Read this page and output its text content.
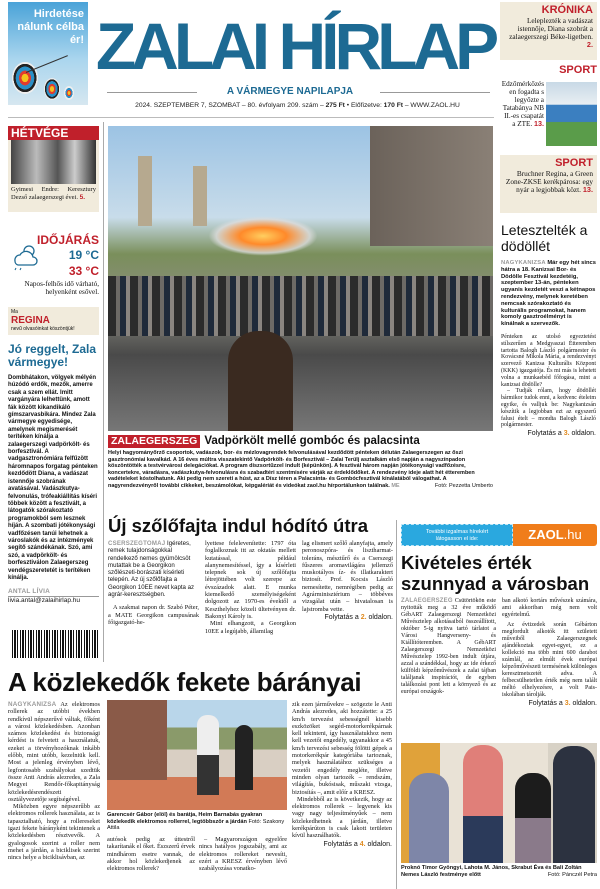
Hirdetése nálunk célba ér! ZALAI HÍRLAP
A VÁRMEGYE NAPILAPJA
2024. SZEPTEMBER 7, SZOMBAT – 80. évfolyam 209. szám – 275 Ft • Előfizetve: 170 Ft – WWW.ZAOL.HU
KRÓNIKA
Leleplezték a vadászat istennője, Diana szobrát a zalaegerszegi Béke-ligetben. 2.
SPORT
Edzőmérkőzésen fogadta s legyőzte a Tatabánya NB II.-es csapatát a ZTE. 13.
SPORT
Bruchner Regina, a Green Zone-ZKSE kerékpárosa: egy nyár a legjobbak közt. 13.
Letesztelték a dödöllét
NAGYKANIZSA Már egy hét sincs hátra a 18. Kanizsai Bor- és Dödölle Fesztivál kezdetéig, szeptember 13-án, pénteken ugyanis kezdetét veszi a kétnapos rendezvény, melynek keretében nemcsak szórakoztató és kulturális programokat, hanem komoly gasztroélményt is kínálnak a szervezők.
Pénteken az utolsó egyeztetést stílszerűen a Medgyaszai Étteremben tartotta Balogh László polgármester és Kovácsné Mikola Mária, a rendezvényt szervező Kanizsa Kulturális Központ (KKK) igazgatója. És mi más is lehetett volna a munkaebéd főfogása, mint a kanizsai dödölle?
– Tudják rólam, hogy dödöllét bármikor tudok enni, a kedvenc ételeim egyike, és valljuk be: Nagykanizsán készítik a legjobban ezt az egyszerű falusi ételt – mondta Balogh László polgármester.
Folytatás a 3. oldalon.
HÉTVÉGE
Gyimesi Endre: Keresztury Dezső zalaegerszegi évei. 5.
IDŐJÁRÁS
19 °C
33 °C
Napos-felhős idő várható, helyenként esővel.
Ma
REGINA
nevű olvasóinkat köszöntjük!
Jó reggelt, Zala vármegye!
Dombhátakon, völgyek mélyén húzódó erdők, mezők, amerre csak a szem ellát. Imitt vargányára lelhettünk, amott fák között kikandikáló gímszarvasbikára. Mindez Zala vármegye egyedisége, amelynek megismerését terítéken kínálja a zalaegerszegi vadpörkölt- és borfesztivál. A vadgasztronómiára felfűzött háromnapos forgatag pénteken kezdődött Diana, a vadászat istennője szobrának avatásával. Vadászkutya-felvonulás, trófeakiállítás kíséri többek között a fesztivált, a látogatók szórakoztató programokból sem lesznek híján. A szombati jótékonysági vadfőzésen tanúi lehetnek a városlakók és az intézmények segítő szándékának. Szó, ami szó, a vadpörkölt- és borfesztiválon Zalaegerszeg vendégszeretetét is terítéken kínálja.
ANTAL LÍVIA
livia.antal@zalaihirlap.hu
ZALAEGERSZEG Vadpörkölt mellé gombóc és palacsinta
Helyi hagyományőrző csoportok, vadászok, bor- és mézlovagrendek felvonulásával kezdődött pénteken délután Zalaegerszegen az őszi gasztronómiai kavalkád. A 16 éves múltra visszatekintő Vadpörkölt- és Borfesztivál – Zalai Terülj asztalkám első napján a nagyszínpadon köszöntötték a testvérvárosi delegációkat. A program díszsortűzzel indult (képünkön). A fesztivál három napján jótékonysági vadfőzésre, koncertekre, váradásra, vadászkutya-felvonulásra és szabadtéri szentmisére várják az érdeklődőket. A rendezvény ideje alatt hét étteremben vadételeket kóstolhatunk. Aki pedig nem szereti a húst, az a Dísz téren a Palacsinta- és Gombócfesztivál kínálatából válogathat. A nagyrendezvényről további cikkeket, beszámolókat, képgalériát és videókat zaol.hu hírportálunkon találnak. ME	Fotó: Pezzetta Umberto
Új szőlőfajta indul hódító útra
CSERSZEGTOMAJ Igéretes, remek tulajdonságokkal rendelkező nemes gyümölcsöt mutattak be a Georgikon szőlészeti-borászati kísérleti telepén. Az új szőlőfajta a Georgikon 10EE nevet kapta az agrár-keresztségben.
A szakmai napon dr. Szabó Péter, a MATE Georgikon campusának főigazgató-he-
lyettese felelevenítette: 1797 óta foglalkoznak itt az oktatás mellett kutatással, például alanynemesítéssel, így a kísérleti telepnek sok új szőlőfajta létrejöttében volt szerepe az évszázadok alatt. E munka kiemelkedő személyiségeként dolgozott az 1970-es évektől a Keszthelyhez közeli ültetvényen dr. Bakonyi Károly is.

Mint elhangzott, a Georgikon 10EE a legújabb, államilag
lag elismert szőlő alanyfajta, amely peronoszpóra- és lisztharmat-toleráns, mésztűrő és a Cserszegi fűszeres aromavilágára jellemző muskotályos íz- és illatkaraktert biztosít. Prof. Kocsis László nemesítette, nemrégiben pedig az Agrárminisztérium – többéves vizsgálat után – hivatalosan is lajstromba vette.
Folytatás a 2. oldalon.
További izgalmas hírekért látogasson el ide:	ZAOL.hu
Kivételes érték szunnyad a városban
ZALAEGERSZEG Csütörtökön este nyitották meg a 32 éve működő GébART Zalaegerszegi Nemzetközi Művésztelep alkotásaiból összeállított, október 5-ig nyitva tartó tárlatot a Városi Hangverseny- és Kiállítóteremben. A GébART Zalaegerszegi Nemzetközi Művésztelep 1992-ben indult útjára, azzal a szándékkal, hogy az ide érkező külföldi képzőművészek a zalai tájban találjanak inspirációt, de egyben találkozási pont lett a környező és az európai országok-
ban alkotó kortárs művészek számára, ami akkoriban még nem volt egyértelmű.
Az évtizedek során Gébárton megfordult alkotók itt született műveiből Zalaegerszegnek ajándékoztak egyet-egyet, ez a kollekció ma több mint 600 darabot számlál, az elmúlt évek európai képzőművészeti termésének különleges keresztmetszetét adva. A felbecsülhetetlen érték még nem talált méltó elhelyezésre, a volt Pais-iskolában tárolják.
Folytatás a 3. oldalon.
Proknó Timor Gyöngyi, Lahota M. János, Skrabut Éva és Bali Zoltán Nemes László festménye előtt	Fotó: Pánczél Petra
A közlekedők fekete bárányai
NAGYKANIZSA Az elektromos rollerek az utóbbi években rendkívül népszerűvé váltak, főként a városi közlekedésben. Azonban számos közlekedési és biztonsági kérdést is felvetett a használatuk, ezeket a törvényhozóknak inkább előbb, mint utóbb, kezelniük kell. Most a jelenleg érvényben lévő, legfontosabb szabályokat szedtük össze Anti András alezredes, a Zala Megyei Rendőr-főkapitányság közlekedésrendészeti osztályvezetője segítségével.
Miközben egyre népszerűbb az elektromos rollerek használata, az is tapasztalható, hogy a rollereseket igazi fekete bárányként tekintenek a közlekedésben résztvevők. A gyalogosok szerint a roller nem mehet a járdán, a biciklisek szerint nincs helye a biciklisávban, az
Garencsér Gábor (elöl) és barátja, Heim Barnabás gyakran közlekedik elektromos rollerrel, legtöbbször a járdán Fotó: Szakony Attila
autósok pedig az úttestről takarítanák el őket. Észszerű érvek mindhárom esetre vannak, de akkor hol közlekedjenek az elektromos rollerek?
– Magyarországon egyelőre nincs hatályos jogszabály, ami az elektromos rollereket nevesíti, ezért a KRESZ érvényben lévő szabályozása vonatko-
zik ezen járművekre – szögezte le Anti András alezredes, aki hozzátette: a 25 km/h tervezési sebességnél kisebb eszközöket segéd-motorkerékpárnak kell tekinteni, így használatukhoz nem kell vezetői engedély, ugyanakkor a 45 km/h tervezési sebesség fölötti gépek a motorkerékpár kategóriába tartoznak, melyek használatához szükséges a vezetői engedély megléte, illetve minden olyan tartozék – rendszám, világítás, bukósisak, műszaki vizsga, biztosítás –, amit előír a KRESZ.
Mindebből az is következik, hogy az elektromos rollerek – legyenek kis vagy nagy teljesítményűek – nem közlekedhetnek a járdán, illetve kerékpárúton is csak lakott területen kívül használhatók.
Folytatás a 4. oldalon.
